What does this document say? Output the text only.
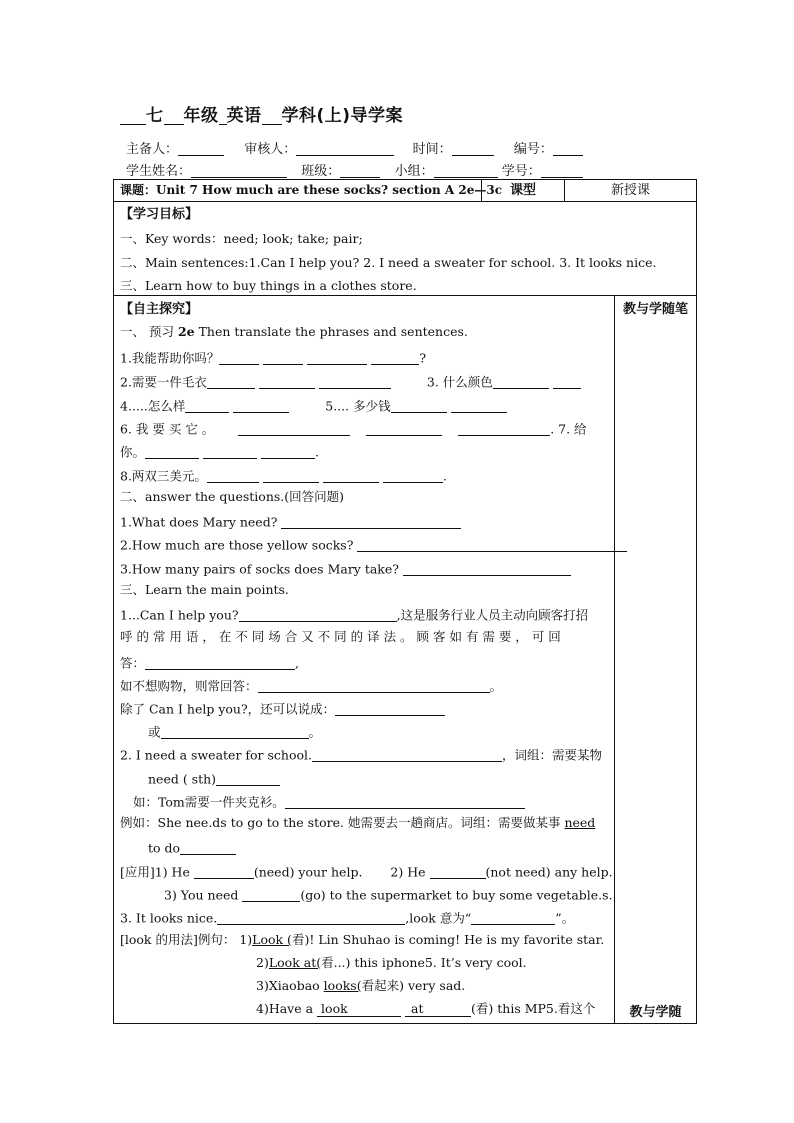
七 年级 英语 学科(上)导学案
主备人：	审核人：	时间：	编号：
学生姓名：	班级：	小组：	学号：
课题：Unit 7 How much are these socks? section A 2e—3c 课型	新授课
【学习目标】
一、Key words：need; look; take; pair;
二、Main sentences:1.Can I help you? 2. I need a sweater for school. 3. It looks nice.
三、Learn how to buy things in a clothes store.
教与学随笔
教与学随
【自主探究】
一、 预习 2e Then translate the phrases and sentences.
1.我能帮助你吗？	?
2.需要一件毛衣	3. 什么颜色
4.....怎么样	5.... 多少钱
6. 我 要 买 它 。	. 7. 给
你。	.
8.两双三美元。	.
二、answer the questions.(回答问题)
1.What does Mary need?
2.How much are those yellow socks?
3.How many pairs of socks does Mary take?
三、Learn the main points.
1...Can I help you?	,这是服务行业人员主动向顾客打招
呼 的 常 用 语 ， 在 不 同 场 合 又 不 同 的 译 法 。 顾 客 如 有 需 要 ， 可 回
答：	,
如不想购物，则常回答：	。
除了 Can I help you?，还可以说成：
或	。
2. I need a sweater for school.	，词组：需要某物
need ( sth)
如：Tom需要一件夹克衫。
例如：She nee.ds to go to the store. 她需要去一趟商店。词组：需要做某事 need
to do
[应用]1) He	(need) your help. 2) He	(not need) any help.
3) You need	(go) to the supermarket to buy some vegetable.s.
3. It looks nice.	,look 意为“	”。
[look 的用法]例句： 1)Look (看)! Lin Shuhao is coming! He is my favorite star.
2)Look at(看...) this iphone5. It’s very cool.
3)Xiaobao looks(看起来) very sad.
4)Have a look	at	(看) this MP5.看这个
